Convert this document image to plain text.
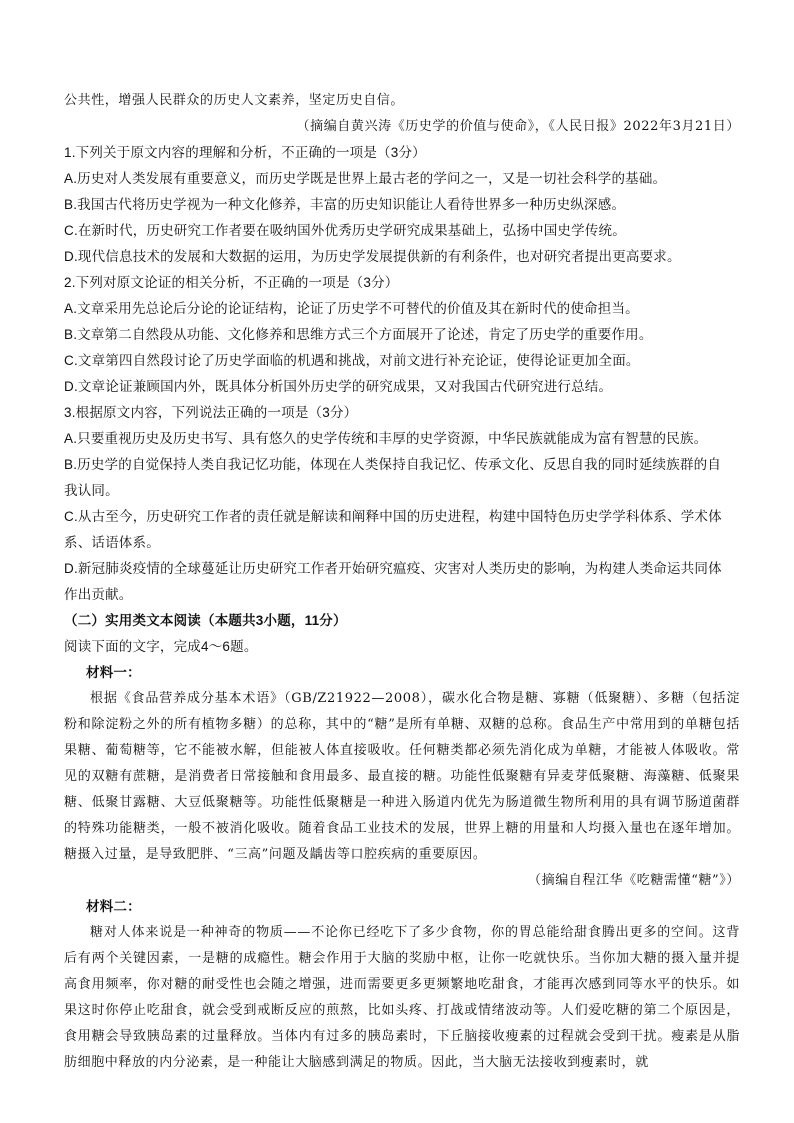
公共性，增强人民群众的历史人文素养，坚定历史自信。

（摘编自黄兴涛《历史学的价值与使命》，《人民日报》2022年3月21日）

1.下列关于原文内容的理解和分析，不正确的一项是（3分）

A.历史对人类发展有重要意义，而历史学既是世界上最古老的学问之一，又是一切社会科学的基础。

B.我国古代将历史学视为一种文化修养，丰富的历史知识能让人看待世界多一种历史纵深感。

C.在新时代，历史研究工作者要在吸纳国外优秀历史学研究成果基础上，弘扬中国史学传统。

D.现代信息技术的发展和大数据的运用，为历史学发展提供新的有利条件，也对研究者提出更高要求。

2.下列对原文论证的相关分析，不正确的一项是（3分）

A.文章采用先总论后分论的论证结构，论证了历史学不可替代的价值及其在新时代的使命担当。

B.文章第二自然段从功能、文化修养和思维方式三个方面展开了论述，肯定了历史学的重要作用。

C.文章第四自然段讨论了历史学面临的机遇和挑战，对前文进行补充论证，使得论证更加全面。

D.文章论证兼顾国内外，既具体分析国外历史学的研究成果，又对我国古代研究进行总结。

3.根据原文内容，下列说法正确的一项是（3分）

A.只要重视历史及历史书写、具有悠久的史学传统和丰厚的史学资源，中华民族就能成为富有智慧的民族。

B.历史学的自觉保持人类自我记忆功能，体现在人类保持自我记忆、传承文化、反思自我的同时延续族群的自

我认同。

C.从古至今，历史研究工作者的责任就是解读和阐释中国的历史进程，构建中国特色历史学学科体系、学术体

系、话语体系。

D.新冠肺炎疫情的全球蔓延让历史研究工作者开始研究瘟疫、灾害对人类历史的影响，为构建人类命运共同体

作出贡献。

（二）实用类文本阅读（本题共3小题，11分）

阅读下面的文字，完成4～6题。

材料一：

根据《食品营养成分基本术语》（GB/Z21922—2008），碳水化合物是糖、寡糖（低聚糖）、多糖（包括淀粉和除淀粉之外的所有植物多糖）的总称，其中的“糖”是所有单糖、双糖的总称。食品生产中常用到的单糖包括果糖、葡萄糖等，它不能被水解，但能被人体直接吸收。任何糖类都必须先消化成为单糖，才能被人体吸收。常见的双糖有蔗糖，是消费者日常接触和食用最多、最直接的糖。功能性低聚糖有异麦芽低聚糖、海藻糖、低聚果糖、低聚甘露糖、大豆低聚糖等。功能性低聚糖是一种进入肠道内优先为肠道微生物所利用的具有调节肠道菌群的特殊功能糖类，一般不被消化吸收。随着食品工业技术的发展，世界上糖的用量和人均摄入量也在逐年增加。糖摄入过量，是导致肥胖、“三高”问题及龋齿等口腔疾病的重要原因。

（摘编自程江华《吃糖需懂“糖”》）

材料二：

糖对人体来说是一种神奇的物质——不论你已经吃下了多少食物，你的胃总能给甜食腾出更多的空间。这背后有两个关键因素，一是糖的成瘾性。糖会作用于大脑的奖励中枢，让你一吃就快乐。当你加大糖的摄入量并提高食用频率，你对糖的耐受性也会随之增强，进而需要更多更频繁地吃甜食，才能再次感到同等水平的快乐。如果这时你停止吃甜食，就会受到戒断反应的煎熬，比如头疼、打战或情绪波动等。人们爱吃糖的第二个原因是，食用糖会导致胰岛素的过量释放。当体内有过多的胰岛素时，下丘脑接收瘦素的过程就会受到干扰。瘦素是从脂肪细胞中释放的内分泌素，是一种能让大脑感到满足的物质。因此，当大脑无法接收到瘦素时，就
